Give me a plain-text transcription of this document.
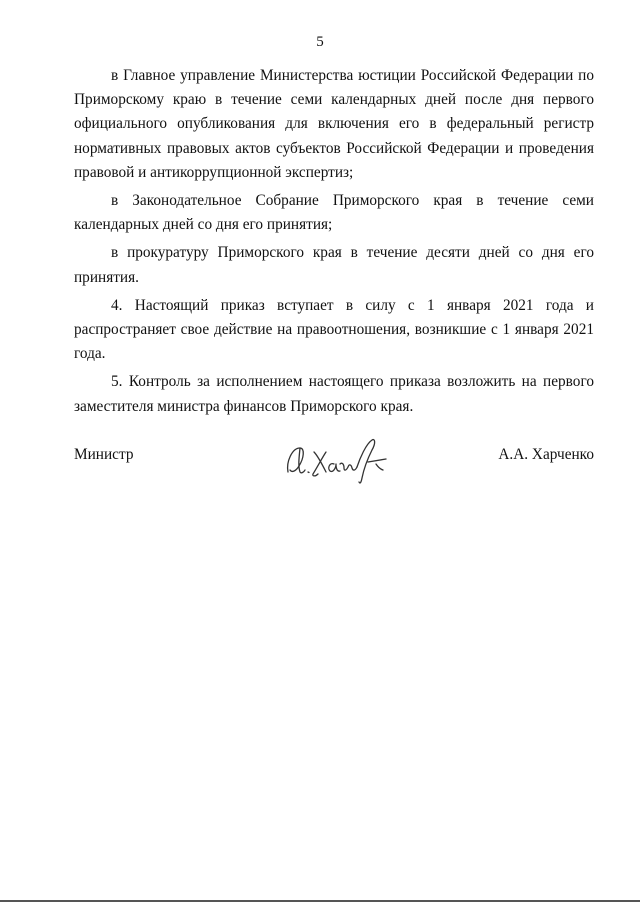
5

в Главное управление Министерства юстиции Российской Федерации по Приморскому краю в течение семи календарных дней после дня первого официального опубликования для включения его в федеральный регистр нормативных правовых актов субъектов Российской Федерации и проведения правовой и антикоррупционной экспертиз;

в Законодательное Собрание Приморского края в течение семи календарных дней со дня его принятия;

в прокуратуру Приморского края в течение десяти дней со дня его принятия.

4. Настоящий приказ вступает в силу с 1 января 2021 года и распространяет свое действие на правоотношения, возникшие с 1 января 2021 года.

5. Контроль за исполнением настоящего приказа возложить на первого заместителя министра финансов Приморского края.

Министр	А.А. Харченко
